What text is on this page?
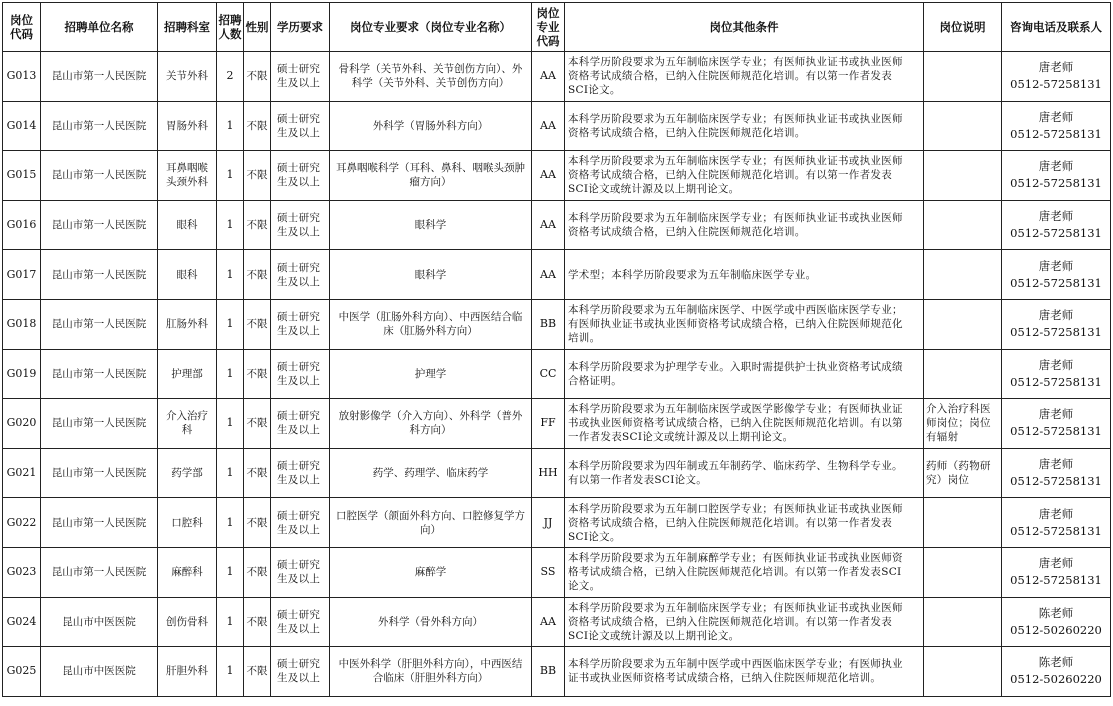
岗位代码	招聘单位名称	招聘科室	招聘人数	性别	学历要求	岗位专业要求（岗位专业名称）	岗位专业代码	岗位其他条件	岗位说明	咨询电话及联系人
G013	昆山市第一人民医院	关节外科	2	不限	硕士研究生及以上	骨科学（关节外科、关节创伤方向）、外科学（关节外科、关节创伤方向）	AA	本科学历阶段要求为五年制临床医学专业；有医师执业证书或执业医师资格考试成绩合格，已纳入住院医师规范化培训。有以第一作者发表SCI论文。		唐老师
0512-57258131

G014	昆山市第一人民医院	胃肠外科	1	不限	硕士研究生及以上	外科学（胃肠外科方向）	AA	本科学历阶段要求为五年制临床医学专业；有医师执业证书或执业医师资格考试成绩合格，已纳入住院医师规范化培训。		唐老师
0512-57258131

G015	昆山市第一人民医院	耳鼻咽喉头颈外科	1	不限	硕士研究生及以上	耳鼻咽喉科学（耳科、鼻科、咽喉头颈肿瘤方向）	AA	本科学历阶段要求为五年制临床医学专业；有医师执业证书或执业医师资格考试成绩合格，已纳入住院医师规范化培训。有以第一作者发表SCI论文或统计源及以上期刊论文。		唐老师
0512-57258131

G016	昆山市第一人民医院	眼科	1	不限	硕士研究生及以上	眼科学	AA	本科学历阶段要求为五年制临床医学专业；有医师执业证书或执业医师资格考试成绩合格，已纳入住院医师规范化培训。		唐老师
0512-57258131

G017	昆山市第一人民医院	眼科	1	不限	硕士研究生及以上	眼科学	AA	学术型；本科学历阶段要求为五年制临床医学专业。		唐老师
0512-57258131

G018	昆山市第一人民医院	肛肠外科	1	不限	硕士研究生及以上	中医学（肛肠外科方向）、中西医结合临床（肛肠外科方向）	BB	本科学历阶段要求为五年制临床医学、中医学或中西医临床医学专业；有医师执业证书或执业医师资格考试成绩合格，已纳入住院医师规范化培训。		唐老师
0512-57258131

G019	昆山市第一人民医院	护理部	1	不限	硕士研究生及以上	护理学	CC	本科学历阶段要求为护理学专业。入职时需提供护士执业资格考试成绩合格证明。		唐老师
0512-57258131

G020	昆山市第一人民医院	介入治疗科	1	不限	硕士研究生及以上	放射影像学（介入方向）、外科学（普外科方向）	FF	本科学历阶段要求为五年制临床医学或医学影像学专业；有医师执业证书或执业医师资格考试成绩合格，已纳入住院医师规范化培训。有以第一作者发表SCI论文或统计源及以上期刊论文。	介入治疗科医师岗位；岗位有辐射	唐老师
0512-57258131

G021	昆山市第一人民医院	药学部	1	不限	硕士研究生及以上	药学、药理学、临床药学	HH	本科学历阶段要求为四年制或五年制药学、临床药学、生物科学专业。有以第一作者发表SCI论文。	药师（药物研究）岗位	唐老师
0512-57258131

G022	昆山市第一人民医院	口腔科	1	不限	硕士研究生及以上	口腔医学（颌面外科方向、口腔修复学方向）	JJ	本科学历阶段要求为五年制口腔医学专业；有医师执业证书或执业医师资格考试成绩合格，已纳入住院医师规范化培训。有以第一作者发表SCI论文。		唐老师
0512-57258131

G023	昆山市第一人民医院	麻醉科	1	不限	硕士研究生及以上	麻醉学	SS	本科学历阶段要求为五年制麻醉学专业；有医师执业证书或执业医师资格考试成绩合格，已纳入住院医师规范化培训。有以第一作者发表SCI论文。		唐老师
0512-57258131

G024	昆山市中医医院	创伤骨科	1	不限	硕士研究生及以上	外科学（骨外科方向）	AA	本科学历阶段要求为五年制临床医学专业；有医师执业证书或执业医师资格考试成绩合格，已纳入住院医师规范化培训。有以第一作者发表SCI论文或统计源及以上期刊论文。		陈老师
0512-50260220

G025	昆山市中医医院	肝胆外科	1	不限	硕士研究生及以上	中医外科学（肝胆外科方向），中西医结合临床（肝胆外科方向）	BB	本科学历阶段要求为五年制中医学或中西医临床医学专业；有医师执业证书或执业医师资格考试成绩合格，已纳入住院医师规范化培训。		陈老师
0512-50260220
